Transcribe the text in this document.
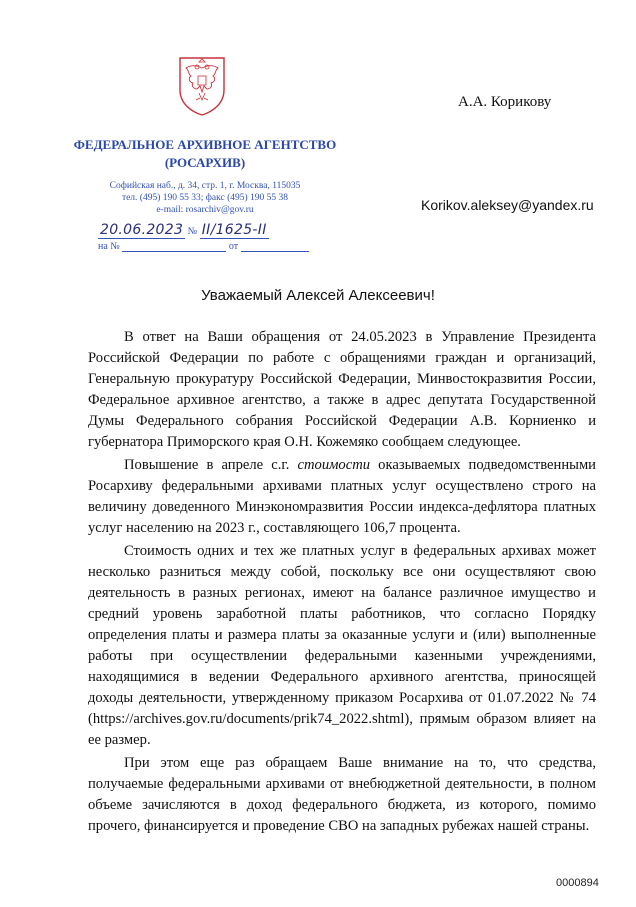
ФЕДЕРАЛЬНОЕ АРХИВНОЕ АГЕНТСТВО
(РОСАРХИВ)
Софийская наб., д. 34, стр. 1, г. Москва, 115035
тел. (495) 190 55 33; факс (495) 190 55 38
e-mail: rosarchiv@gov.ru
20.06.2023 № II/1625-II
на №	от
А.А. Корикову
Korikov.aleksey@yandex.ru
Уважаемый Алексей Алексеевич!

В ответ на Ваши обращения от 24.05.2023 в Управление Президента Российской Федерации по работе с обращениями граждан и организаций, Генеральную прокуратуру Российской Федерации, Минвостокразвития России, Федеральное архивное агентство, а также в адрес депутата Государственной Думы Федерального собрания Российской Федерации А.В. Корниенко и губернатора Приморского края О.Н. Кожемяко сообщаем следующее.

Повышение в апреле с.г. стоимости оказываемых подведомственными Росархиву федеральными архивами платных услуг осуществлено строго на величину доведенного Минэкономразвития России индекса-дефлятора платных услуг населению на 2023 г., составляющего 106,7 процента.

Стоимость одних и тех же платных услуг в федеральных архивах может несколько разниться между собой, поскольку все они осуществляют свою деятельность в разных регионах, имеют на балансе различное имущество и средний уровень заработной платы работников, что согласно Порядку определения платы и размера платы за оказанные услуги и (или) выполненные работы при осуществлении федеральными казенными учреждениями, находящимися в ведении Федерального архивного агентства, приносящей доходы деятельности, утвержденному приказом Росархива от 01.07.2022 № 74 (https://archives.gov.ru/documents/prik74_2022.shtml), прямым образом влияет на ее размер.

При этом еще раз обращаем Ваше внимание на то, что средства, получаемые федеральными архивами от внебюджетной деятельности, в полном объеме зачисляются в доход федерального бюджета, из которого, помимо прочего, финансируется и проведение СВО на западных рубежах нашей страны.

0000894
